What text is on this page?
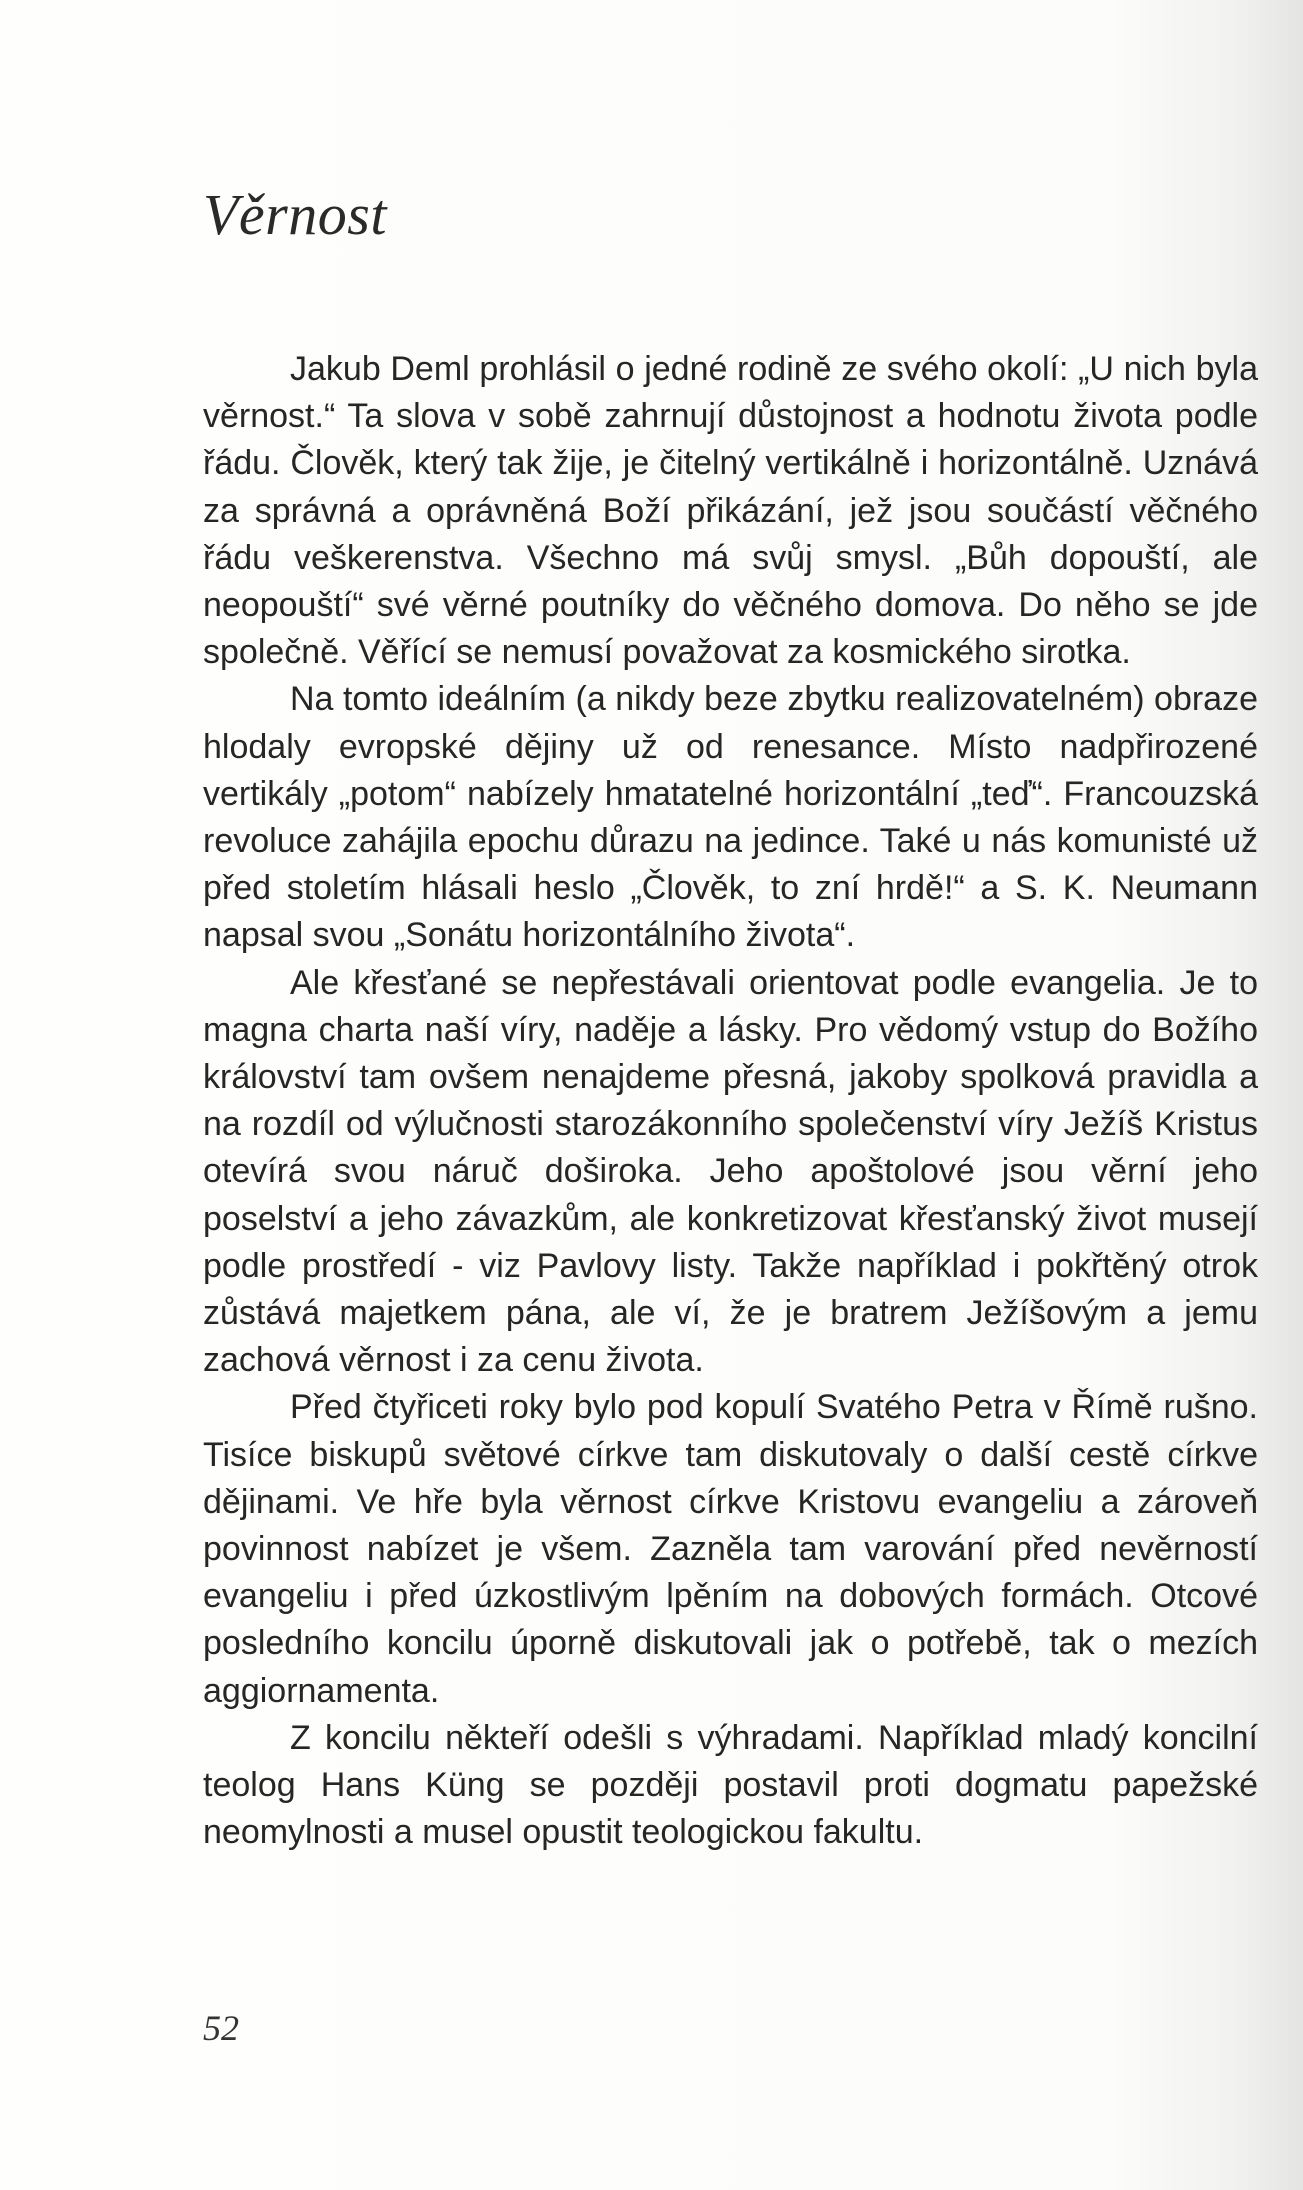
Věrnost

Jakub Deml prohlásil o jedné rodině ze svého okolí: „U nich byla věrnost.“ Ta slova v sobě zahrnují důstojnost a hodnotu života podle řádu. Člověk, který tak žije, je čitelný vertikálně i horizontálně. Uznává za správná a oprávněná Boží přikázání, jež jsou součástí věčného řádu veškerenstva. Všechno má svůj smysl. „Bůh dopouští, ale neopouští“ své věrné poutníky do věčného domova. Do něho se jde společně. Věřící se nemusí považovat za kosmického sirotka.

Na tomto ideálním (a nikdy beze zbytku realizovatelném) obraze hlodaly evropské dějiny už od renesance. Místo nadpřirozené vertikály „potom“ nabízely hmatatelné horizontální „teď“. Francouzská revoluce zahájila epochu důrazu na jedince. Také u nás komunisté už před stoletím hlásali heslo „Člověk, to zní hrdě!“ a S. K. Neumann napsal svou „Sonátu horizontálního života“.

Ale křesťané se nepřestávali orientovat podle evangelia. Je to magna charta naší víry, naděje a lásky. Pro vědomý vstup do Božího království tam ovšem nenajdeme přesná, jakoby spolková pravidla a na rozdíl od výlučnosti starozákonního společenství víry Ježíš Kristus otevírá svou náruč doširoka. Jeho apoštolové jsou věrní jeho poselství a jeho závazkům, ale konkretizovat křesťanský život musejí podle prostředí - viz Pavlovy listy. Takže například i pokřtěný otrok zůstává majetkem pána, ale ví, že je bratrem Ježíšovým a jemu zachová věrnost i za cenu života.

Před čtyřiceti roky bylo pod kopulí Svatého Petra v Římě rušno. Tisíce biskupů světové církve tam diskutovaly o další cestě církve dějinami. Ve hře byla věrnost církve Kristovu evangeliu a zároveň povinnost nabízet je všem. Zazněla tam varování před nevěrností evangeliu i před úzkostlivým lpěním na dobových formách. Otcové posledního koncilu úporně diskutovali jak o potřebě, tak o mezích aggiornamenta.

Z koncilu někteří odešli s výhradami. Například mladý koncilní teolog Hans Küng se později postavil proti dogmatu papežské neomylnosti a musel opustit teologickou fakultu.

52
